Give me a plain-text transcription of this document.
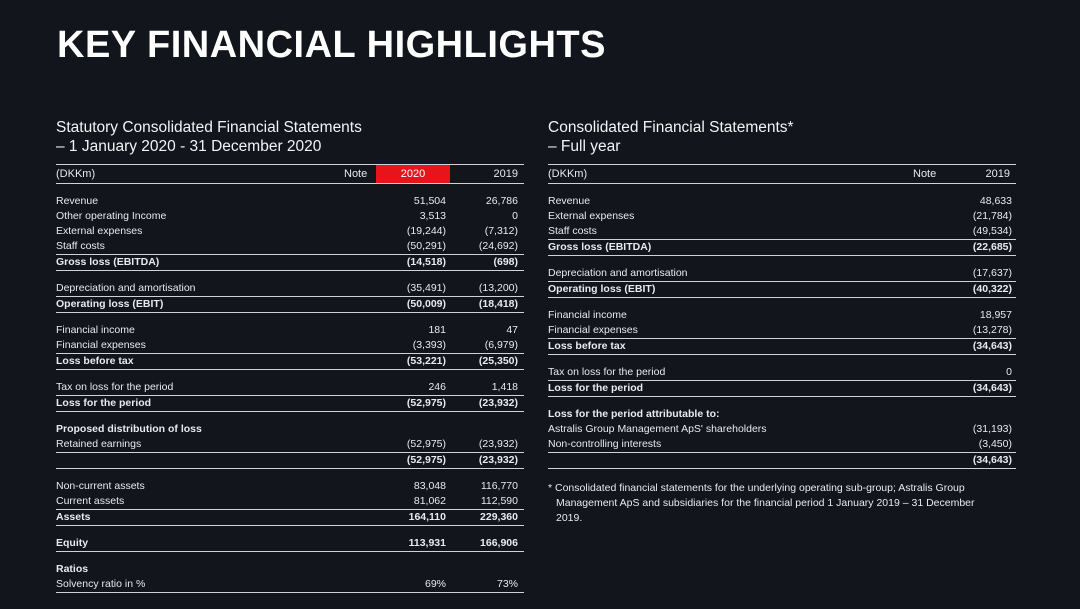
KEY FINANCIAL HIGHLIGHTS
Statutory Consolidated Financial Statements
– 1 January 2020 - 31 December 2020
(DKKm)	Note	2020	2019
Revenue	51,504	26,786
Other operating Income	3,513	0
External expenses	(19,244)	(7,312)
Staff costs	(50,291)	(24,692)
Gross loss (EBITDA)	(14,518)	(698)
Depreciation and amortisation	(35,491)	(13,200)
Operating loss (EBIT)	(50,009)	(18,418)
Financial income	181	47
Financial expenses	(3,393)	(6,979)
Loss before tax	(53,221)	(25,350)
Tax on loss for the period	246	1,418
Loss for the period	(52,975)	(23,932)
Proposed distribution of loss
Retained earnings	(52,975)	(23,932)
(52,975)	(23,932)
Non-current assets	83,048	116,770
Current assets	81,062	112,590
Assets	164,110	229,360
Equity	113,931	166,906
Ratios
Solvency ratio in %	69%	73%
Consolidated Financial Statements*
– Full year
(DKKm)	Note	2019
Revenue	48,633
External expenses	(21,784)
Staff costs	(49,534)
Gross loss (EBITDA)	(22,685)
Depreciation and amortisation	(17,637)
Operating loss (EBIT)	(40,322)
Financial income	18,957
Financial expenses	(13,278)
Loss before tax	(34,643)
Tax on loss for the period	0
Loss for the period	(34,643)
Loss for the period attributable to:
Astralis Group Management ApS' shareholders	(31,193)
Non-controlling interests	(3,450)
(34,643)
* Consolidated financial statements for the underlying operating sub-group; Astralis Group
Management ApS and subsidiaries for the financial period 1 January 2019 – 31 December
2019.
